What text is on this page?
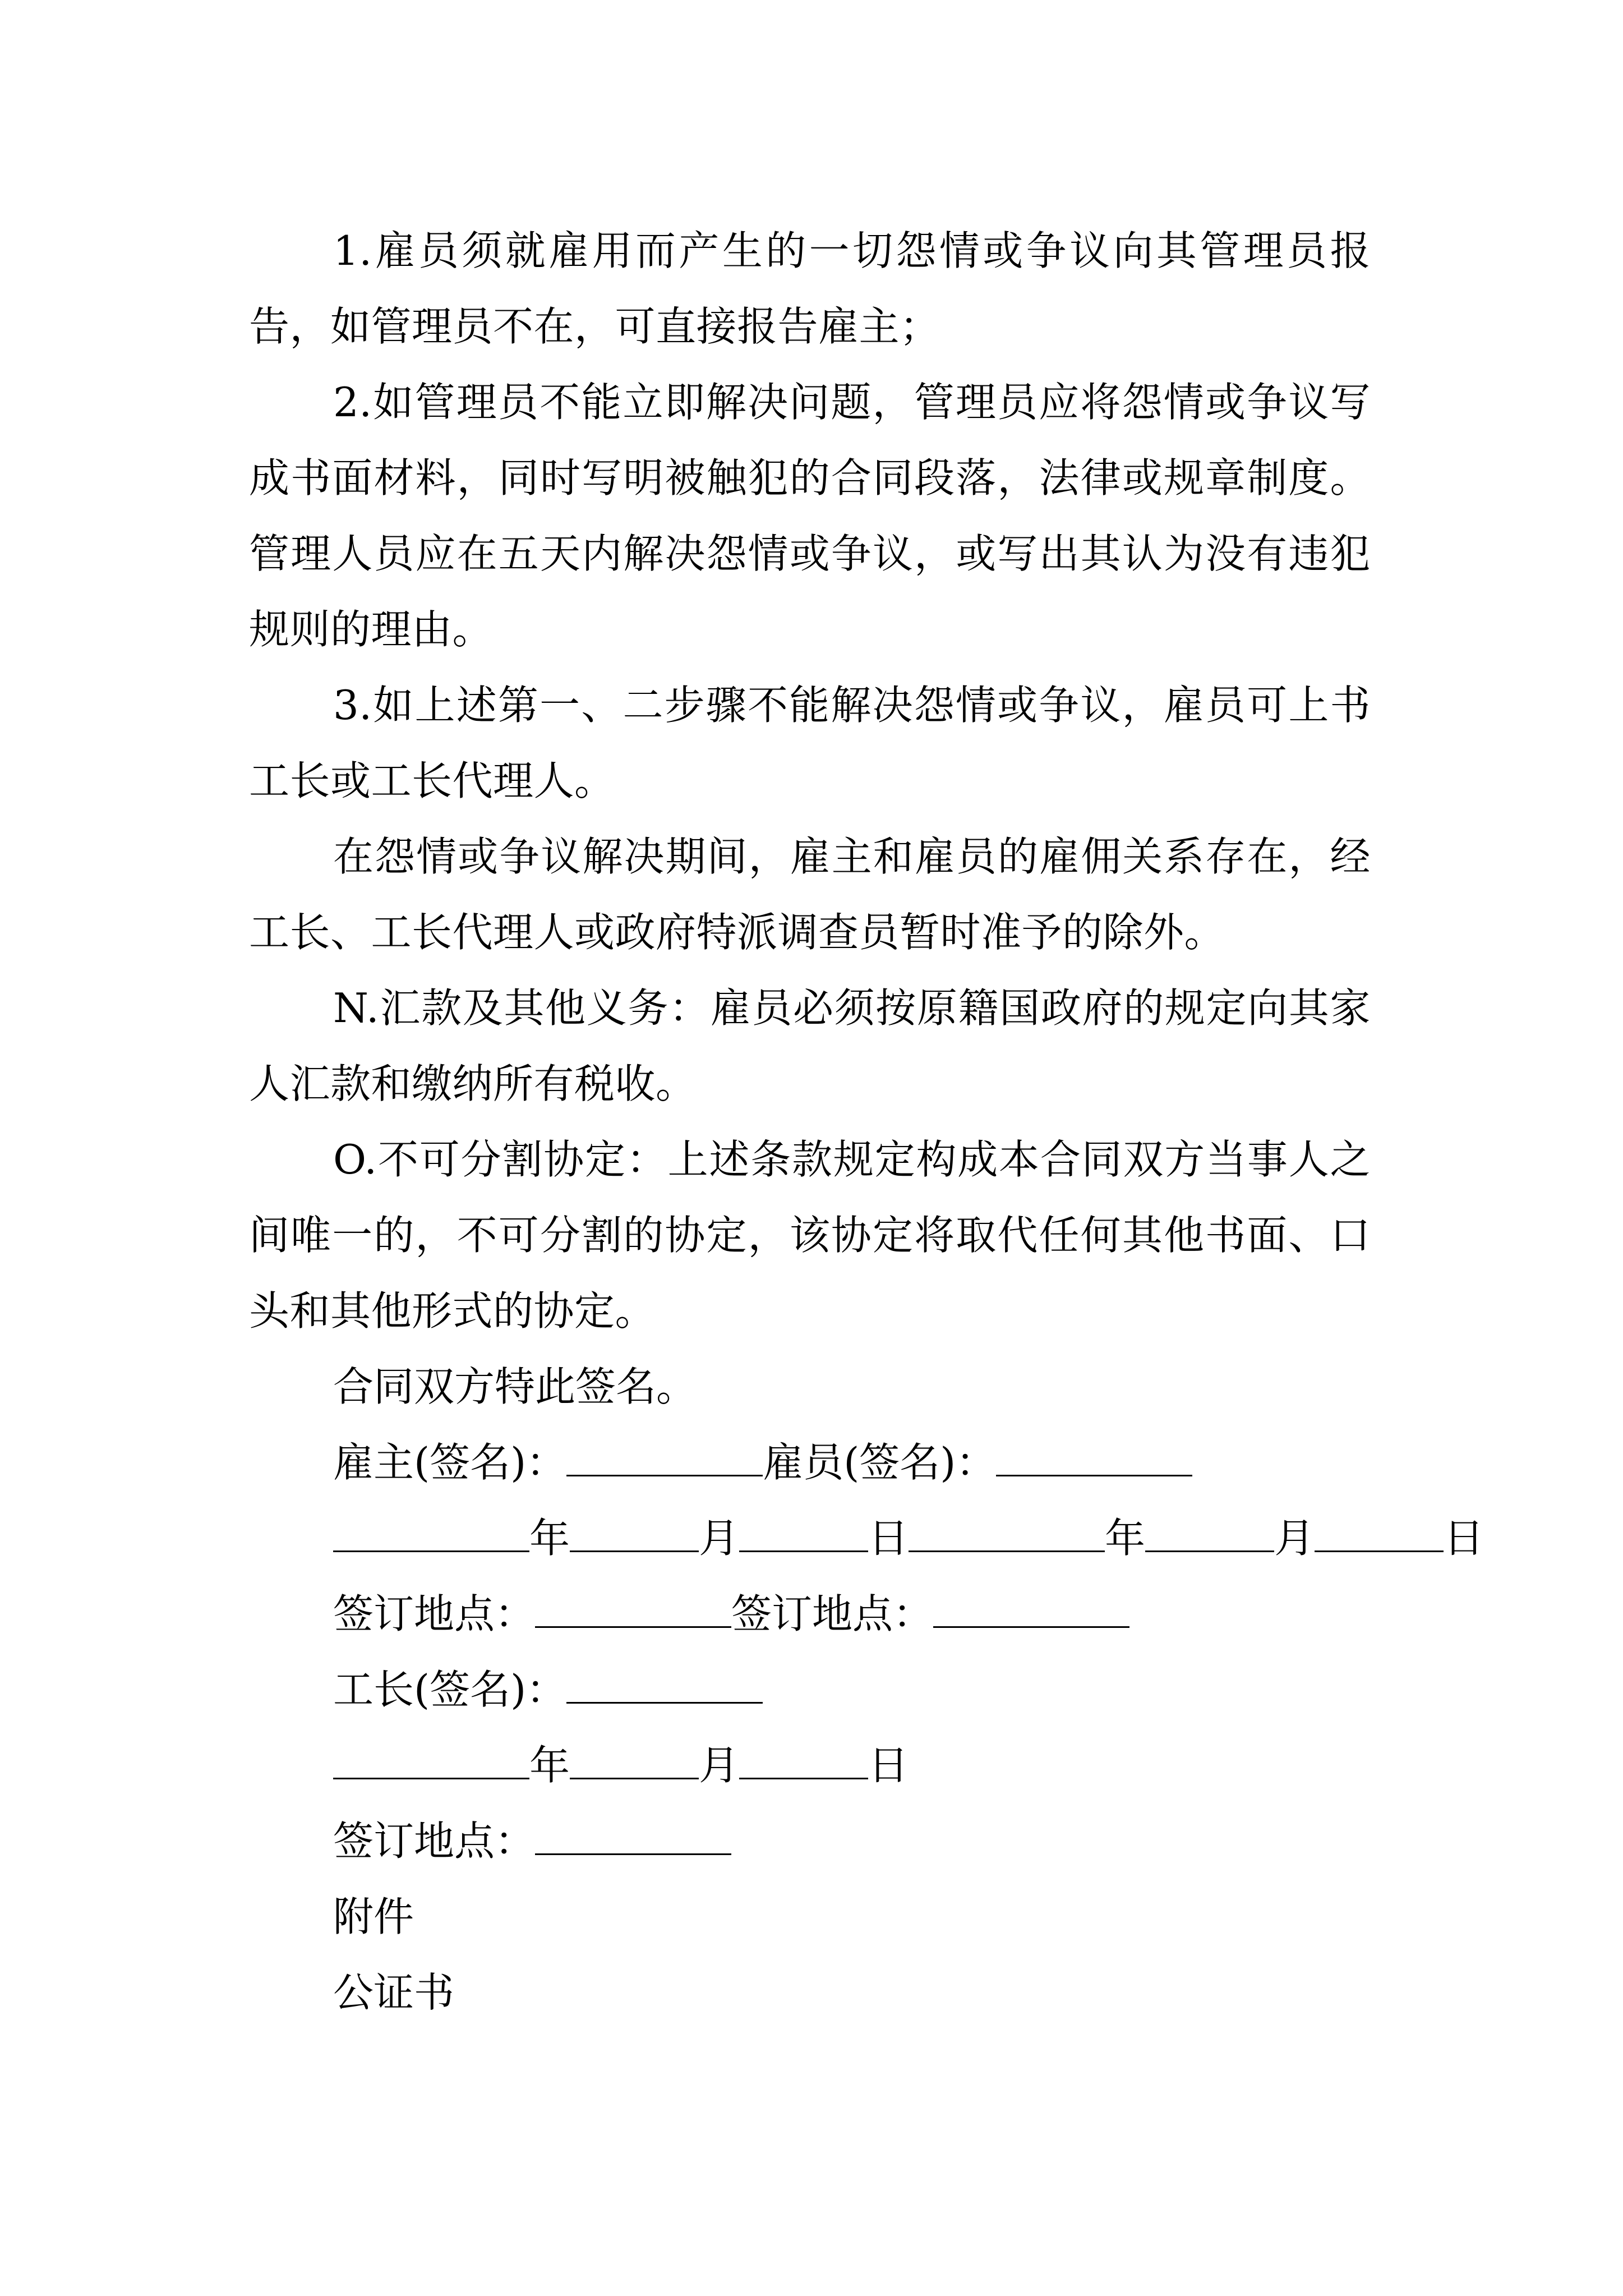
1.雇员须就雇用而产生的一切怨情或争议向其管理员报告，如管理员不在，可直接报告雇主；

2.如管理员不能立即解决问题，管理员应将怨情或争议写成书面材料，同时写明被触犯的合同段落，法律或规章制度。管理人员应在五天内解决怨情或争议，或写出其认为没有违犯规则的理由。

3.如上述第一、二步骤不能解决怨情或争议，雇员可上书工长或工长代理人。

在怨情或争议解决期间，雇主和雇员的雇佣关系存在，经工长、工长代理人或政府特派调查员暂时准予的除外。

N.汇款及其他义务：雇员必须按原籍国政府的规定向其家人汇款和缴纳所有税收。

O.不可分割协定：上述条款规定构成本合同双方当事人之间唯一的，不可分割的协定，该协定将取代任何其他书面、口头和其他形式的协定。

合同双方特此签名。

雇主(签名)：	雇员(签名)：

年	月	日	年	月	日

签订地点：	签订地点：

工长(签名)：

年	月	日

签订地点：

附件

公证书
